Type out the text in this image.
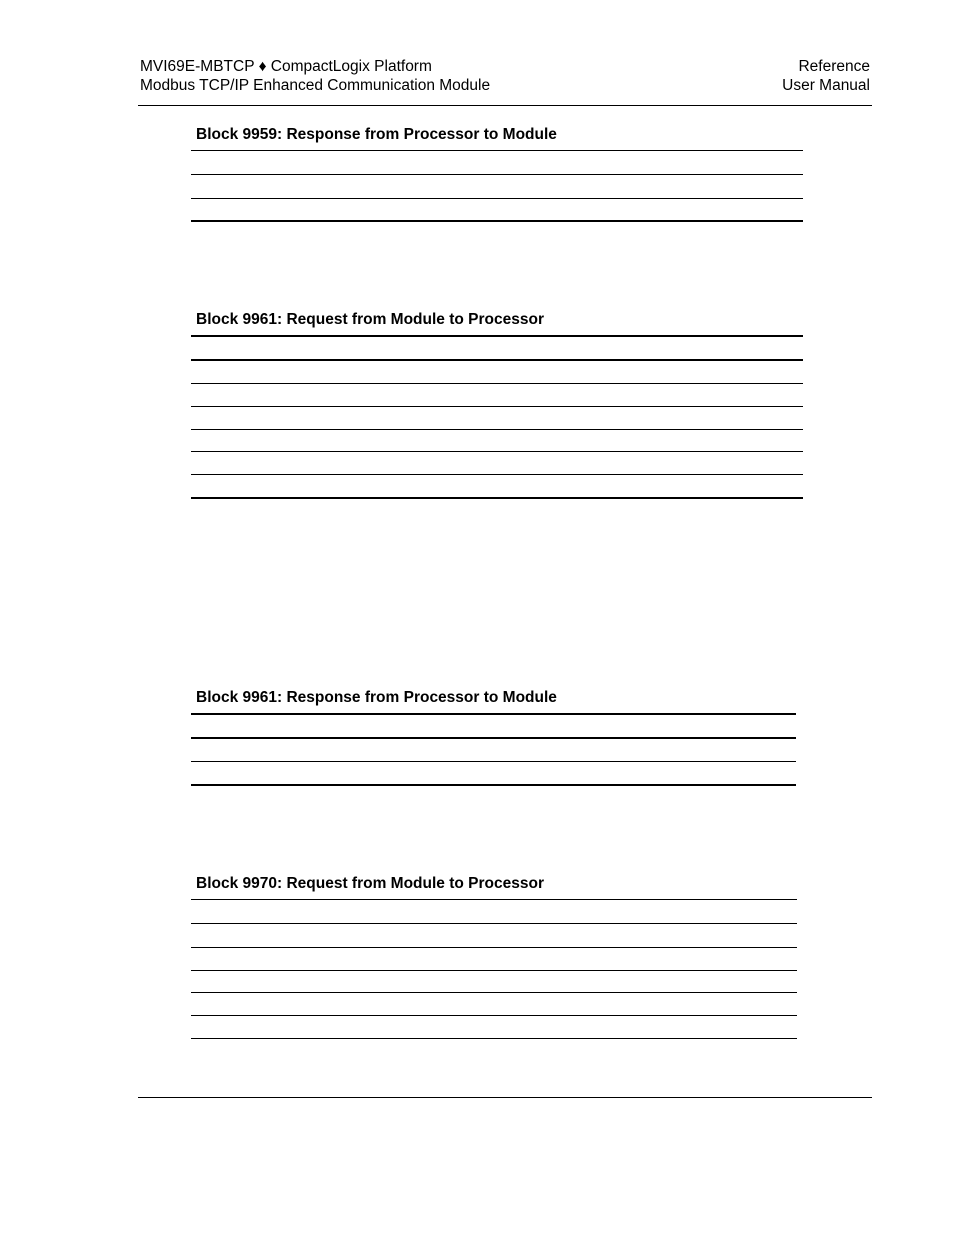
MVI69E-MBTCP ♦ CompactLogix Platform
Modbus TCP/IP Enhanced Communication Module
Reference
User Manual
Block 9959: Response from Processor to Module
Block 9961: Request from Module to Processor
Block 9961: Response from Processor to Module
Block 9970: Request from Module to Processor
